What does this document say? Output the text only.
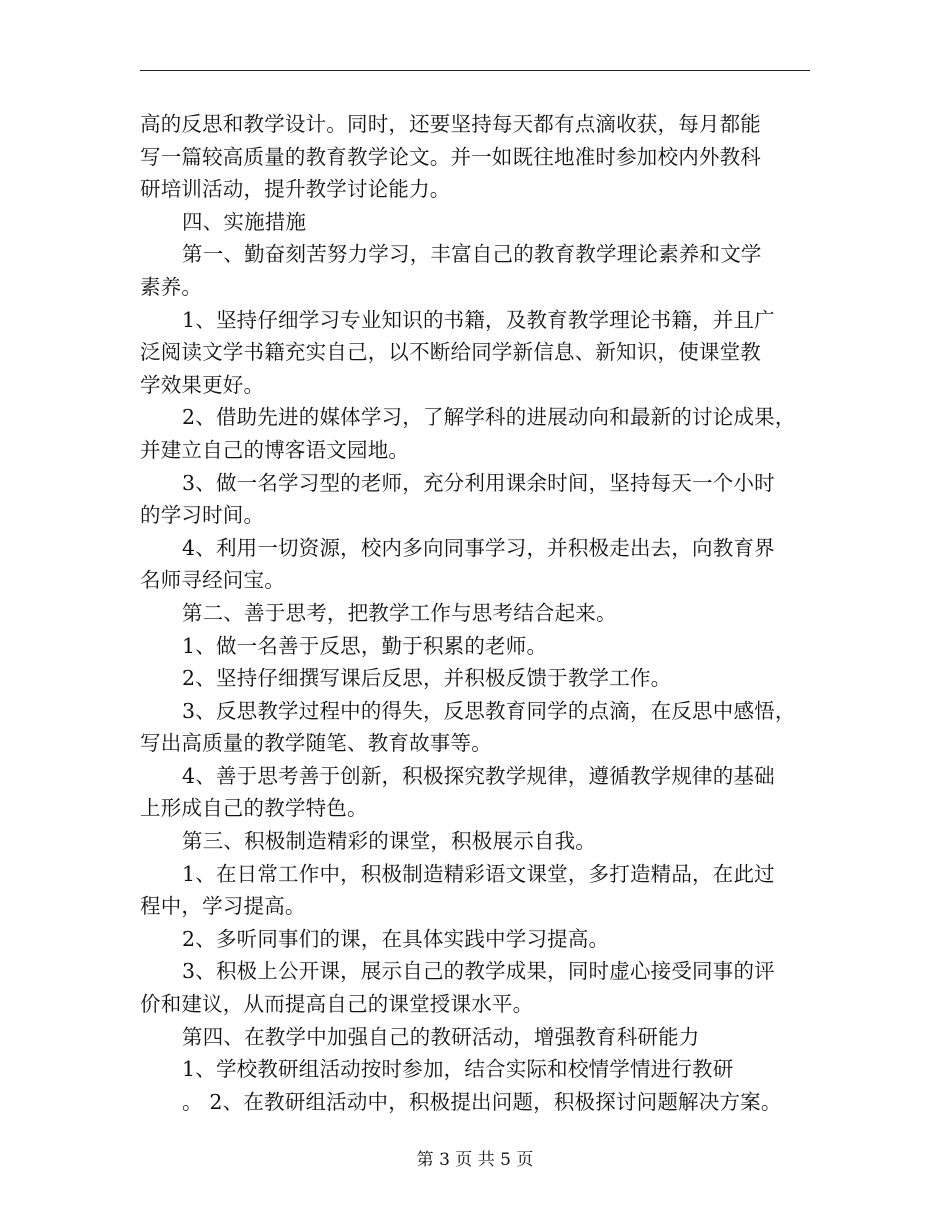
高的反思和教学设计。同时，还要坚持每天都有点滴收获，每月都能
写一篇较高质量的教育教学论文。并一如既往地准时参加校内外教科
研培训活动，提升教学讨论能力。
四、实施措施
第一、勤奋刻苦努力学习，丰富自己的教育教学理论素养和文学
素养。
1、坚持仔细学习专业知识的书籍，及教育教学理论书籍，并且广
泛阅读文学书籍充实自己，以不断给同学新信息、新知识，使课堂教
学效果更好。
2、借助先进的媒体学习，了解学科的进展动向和最新的讨论成果，
并建立自己的博客语文园地。
3、做一名学习型的老师，充分利用课余时间，坚持每天一个小时
的学习时间。
4、利用一切资源，校内多向同事学习，并积极走出去，向教育界
名师寻经问宝。
第二、善于思考，把教学工作与思考结合起来。
1、做一名善于反思，勤于积累的老师。
2、坚持仔细撰写课后反思，并积极反馈于教学工作。
3、反思教学过程中的得失，反思教育同学的点滴，在反思中感悟，
写出高质量的教学随笔、教育故事等。
4、善于思考善于创新，积极探究教学规律，遵循教学规律的基础
上形成自己的教学特色。
第三、积极制造精彩的课堂，积极展示自我。
1、在日常工作中，积极制造精彩语文课堂，多打造精品，在此过
程中，学习提高。
2、多听同事们的课，在具体实践中学习提高。
3、积极上公开课，展示自己的教学成果，同时虚心接受同事的评
价和建议，从而提高自己的课堂授课水平。
第四、在教学中加强自己的教研活动，增强教育科研能力
1、学校教研组活动按时参加，结合实际和校情学情进行教研
。 2、在教研组活动中，积极提出问题，积极探讨问题解决方案。
第 3 页 共 5 页
